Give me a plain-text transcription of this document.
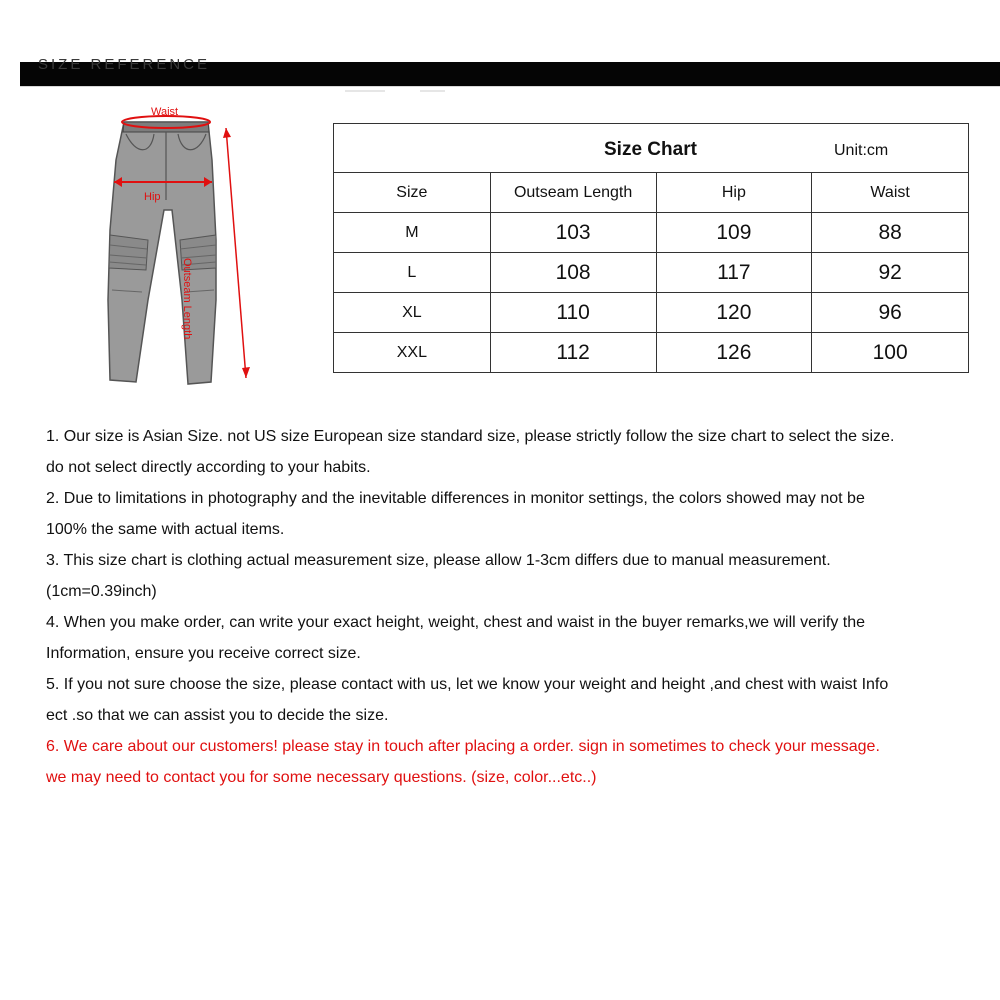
SIZE REFERENCE
Waist
Hip
Outseam Length
Size Chart Unit:cm			

Size	Outseam Length	Hip	Waist
M	103	109	88
L	108	117	92
XL	110	120	96
XXL	112	126	100

1. Our size is Asian Size. not US size European size standard size, please strictly follow the size chart to select the size.

do not select directly according to your habits.

2. Due to limitations in photography and the inevitable differences in monitor settings, the colors showed may not be

100% the same with actual items.

3. This size chart is clothing actual measurement size, please allow 1-3cm differs due to manual measurement.

(1cm=0.39inch)

4. When you make order, can write your exact height, weight, chest and waist in the buyer remarks,we will verify the

Information, ensure you receive correct size.

5. If you not sure choose the size, please contact with us, let we know your weight and height ,and chest with waist Info

ect .so that we can assist you to decide the size.

6. We care about our customers! please stay in touch after placing a order. sign in sometimes to check your message.

we may need to contact you for some necessary questions. (size, color...etc..)
